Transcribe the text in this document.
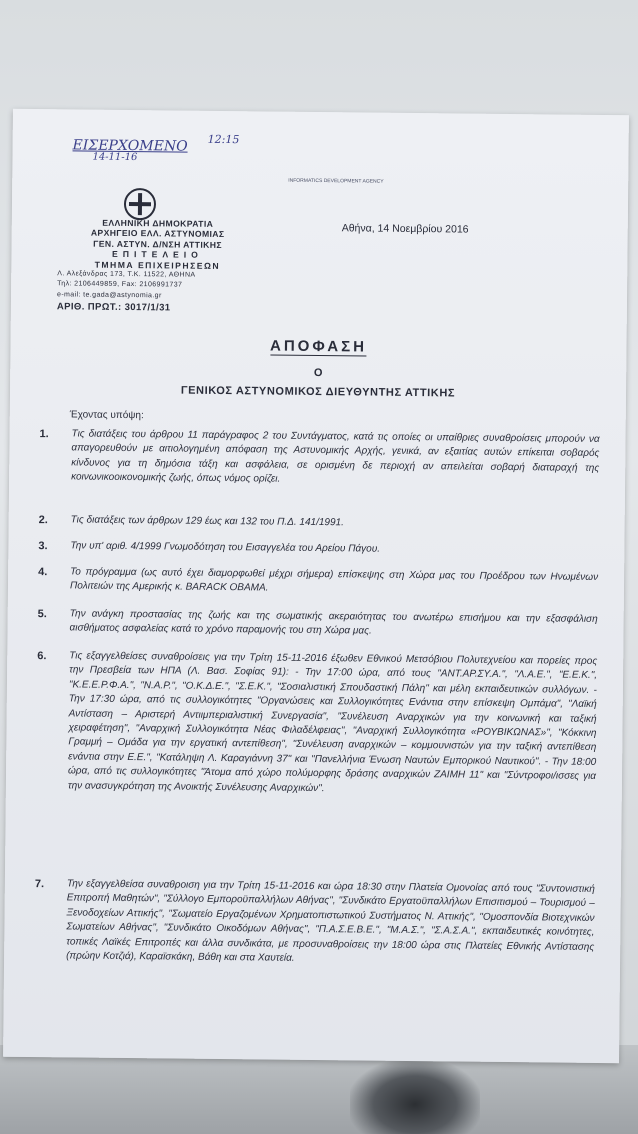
ΕΙΣΕΡΧΟΜΕΝΟ 12:15
14-11-16
ΕΛΛΗΝΙΚΗ ΔΗΜΟΚΡΑΤΙΑ
ΑΡΧΗΓΕΙΟ ΕΛΛ. ΑΣΤΥΝΟΜΙΑΣ
ΓΕΝ. ΑΣΤΥΝ. Δ/ΝΣΗ ΑΤΤΙΚΗΣ
ΕΠΙΤΕΛΕΙΟ
ΤΜΗΜΑ ΕΠΙΧΕΙΡΗΣΕΩΝ
Λ. Αλεξάνδρας 173, Τ.Κ. 11522, ΑΘΗΝΑ
Τηλ: 2106449859, Fax: 2106991737
e-mail: te.gada@astynomia.gr
ΑΡΙΘ. ΠΡΩΤ.: 3017/1/31
INFORMATICS DEVELOPMENT AGENCY
Αθήνα, 14 Νοεμβρίου 2016
ΑΠΟΦΑΣΗ
Ο
ΓΕΝΙΚΟΣ ΑΣΤΥΝΟΜΙΚΟΣ ΔΙΕΥΘΥΝΤΗΣ ΑΤΤΙΚΗΣ
Έχοντας υπόψη:
1.	Τις διατάξεις του άρθρου 11 παράγραφος 2 του Συντάγματος, κατά τις οποίες οι υπαίθριες συναθροίσεις μπορούν να απαγορευθούν με αιτιολογημένη απόφαση της Αστυνομικής Αρχής, γενικά, αν εξαιτίας αυτών επίκειται σοβαρός κίνδυνος για τη δημόσια τάξη και ασφάλεια, σε ορισμένη δε περιοχή αν απειλείται σοβαρή διαταραχή της κοινωνικοοικονομικής ζωής, όπως νόμος ορίζει.
2.	Τις διατάξεις των άρθρων 129 έως και 132 του Π.Δ. 141/1991.
3.	Την υπ' αριθ. 4/1999 Γνωμοδότηση του Εισαγγελέα του Αρείου Πάγου.
4.	Το πρόγραμμα (ως αυτό έχει διαμορφωθεί μέχρι σήμερα) επίσκεψης στη Χώρα μας του Προέδρου των Ηνωμένων Πολιτειών της Αμερικής κ. BARACK OBAMA.
5.	Την ανάγκη προστασίας της ζωής και της σωματικής ακεραιότητας του ανωτέρω επισήμου και την εξασφάλιση αισθήματος ασφαλείας κατά το χρόνο παραμονής του στη Χώρα μας.
6.	Τις εξαγγελθείσες συναθροίσεις για την Τρίτη 15-11-2016 έξωθεν Εθνικού Μετσόβιου Πολυτεχνείου και πορείες προς την Πρεσβεία των ΗΠΑ (Λ. Βασ. Σοφίας 91): - Την 17:00 ώρα, από τους "ΑΝΤ.ΑΡ.ΣΥ.Α.", "Λ.Α.Ε.", "Ε.Ε.Κ.", "Κ.Ε.Ε.Ρ.Φ.Α.", "Ν.Α.Ρ.", "Ο.Κ.Δ.Ε.", "Σ.Ε.Κ.", "Σοσιαλιστική Σπουδαστική Πάλη" και μέλη εκπαιδευτικών συλλόγων. - Την 17:30 ώρα, από τις συλλογικότητες "Οργανώσεις και Συλλογικότητες Ενάντια στην επίσκεψη Ομπάμα", "Λαϊκή Αντίσταση – Αριστερή Αντιιμπεριαλιστική Συνεργασία", "Συνέλευση Αναρχικών για την κοινωνική και ταξική χειραφέτηση", "Αναρχική Συλλογικότητα Νέας Φιλαδέλφειας", "Αναρχική Συλλογικότητα «ΡΟΥΒΙΚΩΝΑΣ»", "Κόκκινη Γραμμή – Ομάδα για την εργατική αντεπίθεση", "Συνέλευση αναρχικών – κομμουνιστών για την ταξική αντεπίθεση ενάντια στην Ε.Ε.", "Κατάληψη Λ. Καραγιάννη 37" και "Πανελλήνια Ένωση Ναυτών Εμπορικού Ναυτικού". - Την 18:00 ώρα, από τις συλλογικότητες "Άτομα από χώρο πολύμορφης δράσης αναρχικών ΖΑΙΜΗ 11" και "Σύντροφοι/ισσες για την ανασυγκρότηση της Ανοικτής Συνέλευσης Αναρχικών".
7.	Την εξαγγελθείσα συναθροιση για την Τρίτη 15-11-2016 και ώρα 18:30 στην Πλατεία Ομονοίας από τους "Συντονιστική Επιτροπή Μαθητών", "Σύλλογο Εμποροϋπαλλήλων Αθήνας", "Συνδικάτο Εργατοϋπαλλήλων Επισιτισμού – Τουρισμού – Ξενοδοχείων Αττικής", "Σωματείο Εργαζομένων Χρηματοπιστωτικού Συστήματος Ν. Αττικής", "Ομοσπονδία Βιοτεχνικών Σωματείων Αθήνας", "Συνδικάτο Οικοδόμων Αθήνας", "Π.Α.Σ.Ε.Β.Ε.", "Μ.Α.Σ.", "Σ.Α.Σ.Α.", εκπαιδευτικές κοινότητες, τοπικές Λαϊκές Επιτροπές και άλλα συνδικάτα, με προσυναθροίσεις την 18:00 ώρα στις Πλατείες Εθνικής Αντίστασης (πρώην Κοτζιά), Καραϊσκάκη, Βάθη και στα Χαυτεία.
